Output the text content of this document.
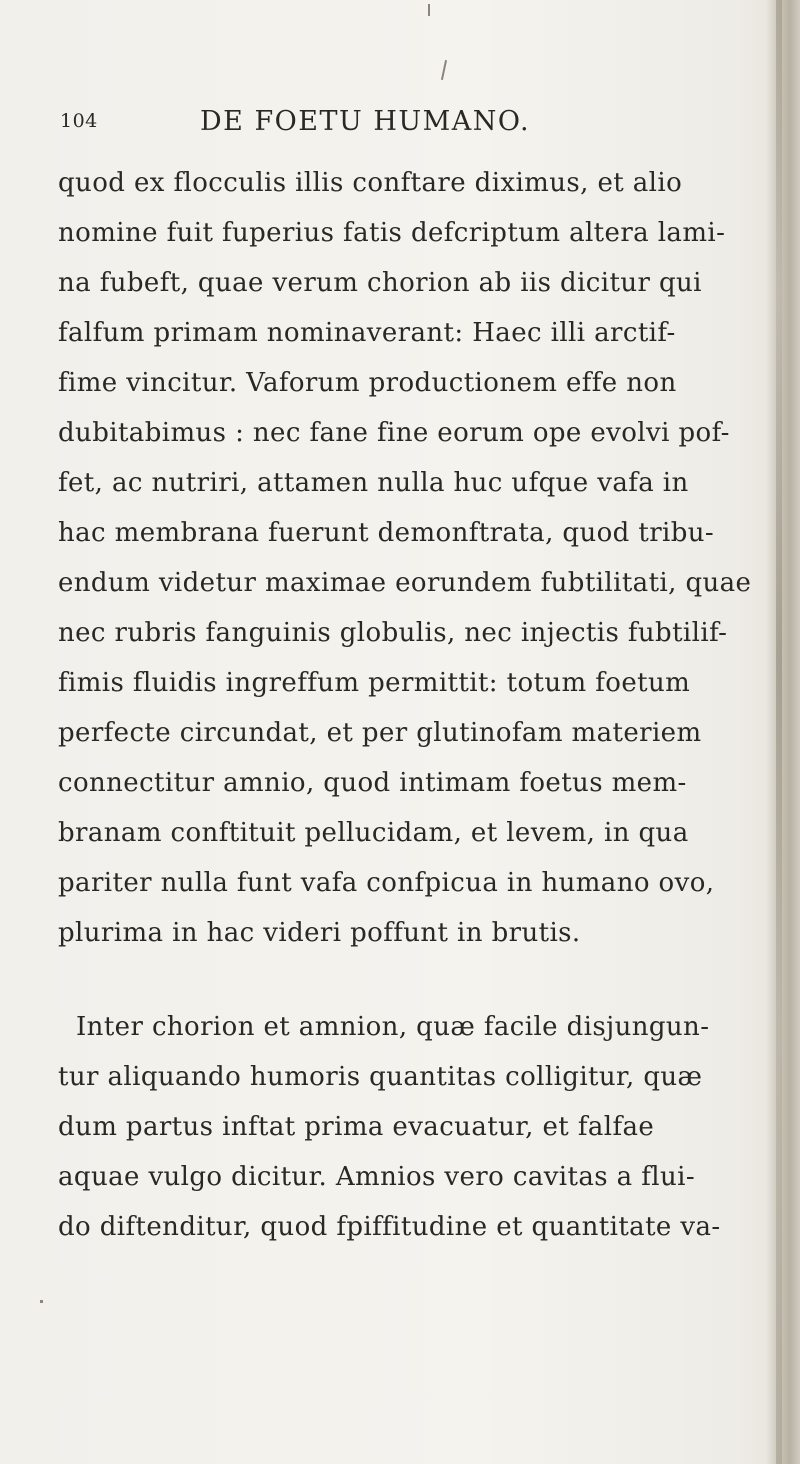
104	DE FOETU HUMANO.
quod ex flocculis illis conftare diximus, et alio
nomine fuit fuperius fatis defcriptum altera lami-
na fubeft, quae verum chorion ab iis dicitur qui
falfum primam nominaverant: Haec illi arctif-
fime vincitur. Vaforum productionem effe non
dubitabimus : nec fane fine eorum ope evolvi pof-
fet, ac nutriri, attamen nulla huc ufque vafa in
hac membrana fuerunt demonftrata, quod tribu-
endum videtur maximae eorundem fubtilitati, quae
nec rubris fanguinis globulis, nec injectis fubtilif-
fimis fluidis ingreffum permittit: totum foetum
perfecte circundat, et per glutinofam materiem
connectitur amnio, quod intimam foetus mem-
branam conftituit pellucidam, et levem, in qua
pariter nulla funt vafa confpicua in humano ovo,
plurima in hac videri poffunt in brutis.
Inter chorion et amnion, quæ facile disjungun-
tur aliquando humoris quantitas colligitur, quæ
dum partus inftat prima evacuatur, et falfae
aquae vulgo dicitur. Amnios vero cavitas a flui-
do diftenditur, quod fpiffitudine et quantitate va-
